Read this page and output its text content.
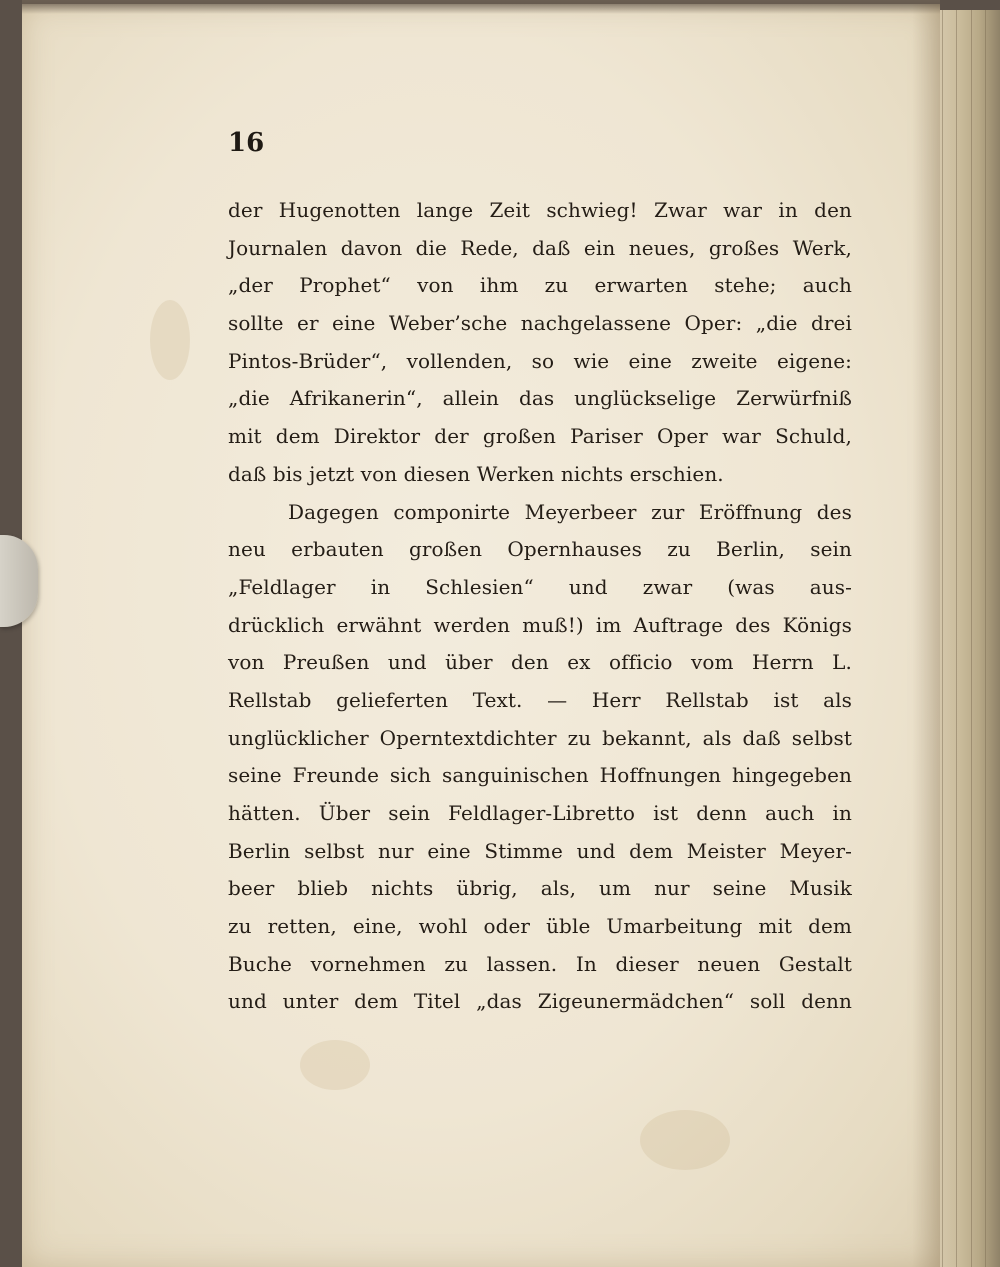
16
der Hugenotten lange Zeit schwieg! Zwar war in den
Journalen davon die Rede, daß ein neues, großes Werk,
„der Prophet“ von ihm zu erwarten stehe; auch
sollte er eine Weber’sche nachgelassene Oper: „die drei
Pintos-Brüder“, vollenden, so wie eine zweite eigene:
„die Afrikanerin“, allein das unglückselige Zerwürfniß
mit dem Direktor der großen Pariser Oper war Schuld,
daß bis jetzt von diesen Werken nichts erschien.
Dagegen componirte Meyerbeer zur Eröffnung des
neu erbauten großen Opernhauses zu Berlin, sein
„Feldlager in Schlesien“ und zwar (was aus-
drücklich erwähnt werden muß!) im Auftrage des Königs
von Preußen und über den ex officio vom Herrn L.
Rellstab gelieferten Text. — Herr Rellstab ist als
unglücklicher Operntextdichter zu bekannt, als daß selbst
seine Freunde sich sanguinischen Hoffnungen hingegeben
hätten. Über sein Feldlager-Libretto ist denn auch in
Berlin selbst nur eine Stimme und dem Meister Meyer-
beer blieb nichts übrig, als, um nur seine Musik
zu retten, eine, wohl oder üble Umarbeitung mit dem
Buche vornehmen zu lassen. In dieser neuen Gestalt
und unter dem Titel „das Zigeunermädchen“ soll denn
